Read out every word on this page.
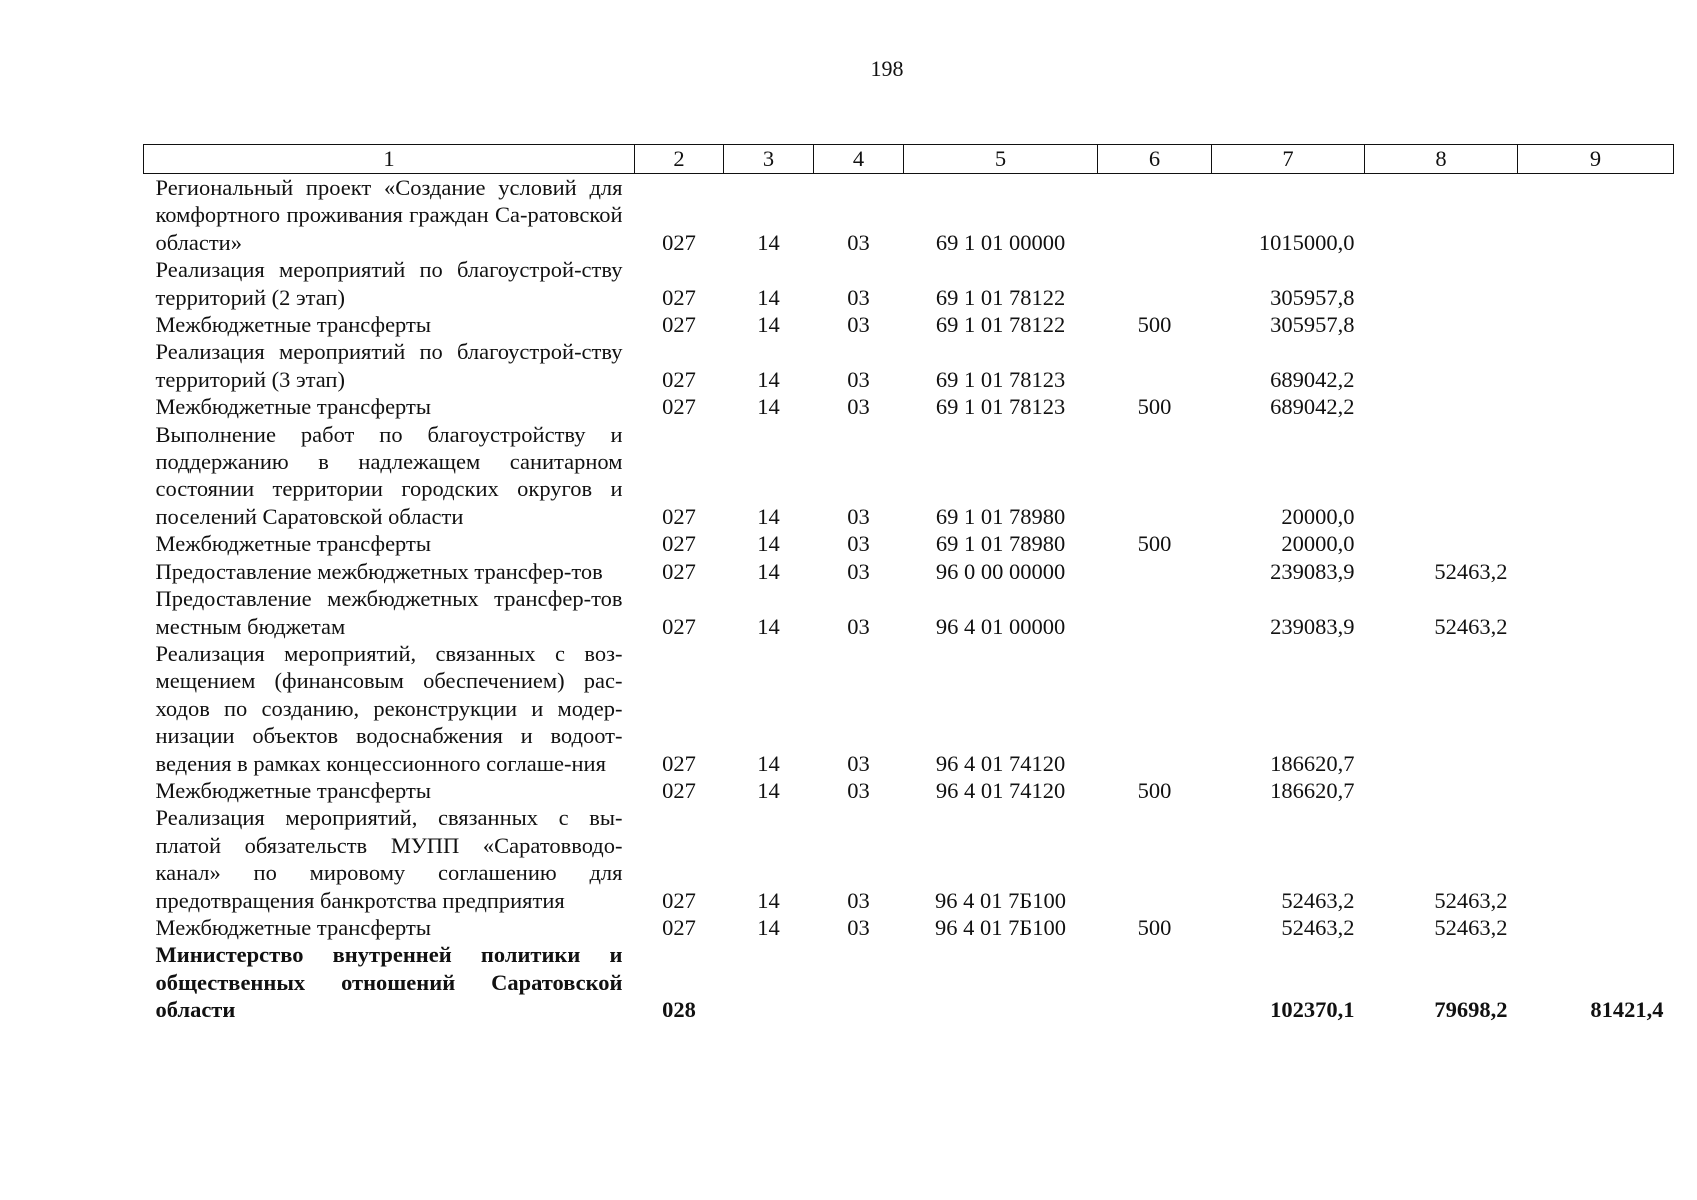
198
1	2	3	4	5	6	7	8	9
Региональный проект «Создание условий для комфортного проживания граждан Са-ратовской области»	027	14	03	69 1 01 00000		1015000,0		
Реализация мероприятий по благоустрой-ству территорий (2 этап)	027	14	03	69 1 01 78122		305957,8		
Межбюджетные трансферты	027	14	03	69 1 01 78122	500	305957,8		
Реализация мероприятий по благоустрой-ству территорий (3 этап)	027	14	03	69 1 01 78123		689042,2		
Межбюджетные трансферты	027	14	03	69 1 01 78123	500	689042,2		
Выполнение работ по благоустройству и поддержанию в надлежащем санитарном состоянии территории городских округов и поселений Саратовской области	027	14	03	69 1 01 78980		20000,0		
Межбюджетные трансферты	027	14	03	69 1 01 78980	500	20000,0		
Предоставление межбюджетных трансфер-тов	027	14	03	96 0 00 00000		239083,9	52463,2	
Предоставление межбюджетных трансфер-тов местным бюджетам	027	14	03	96 4 01 00000		239083,9	52463,2	
Реализация мероприятий, связанных с воз-мещением (финансовым обеспечением) рас-ходов по созданию, реконструкции и модер-низации объектов водоснабжения и водоот-ведения в рамках концессионного соглаше-ния	027	14	03	96 4 01 74120		186620,7		
Межбюджетные трансферты	027	14	03	96 4 01 74120	500	186620,7		
Реализация мероприятий, связанных с вы-платой обязательств МУПП «Саратовводо-канал» по мировому соглашению для предотвращения банкротства предприятия	027	14	03	96 4 01 7Б100		52463,2	52463,2	
Межбюджетные трансферты	027	14	03	96 4 01 7Б100	500	52463,2	52463,2	
Министерство внутренней политики и общественных отношений Саратовской области	028					102370,1	79698,2	81421,4
